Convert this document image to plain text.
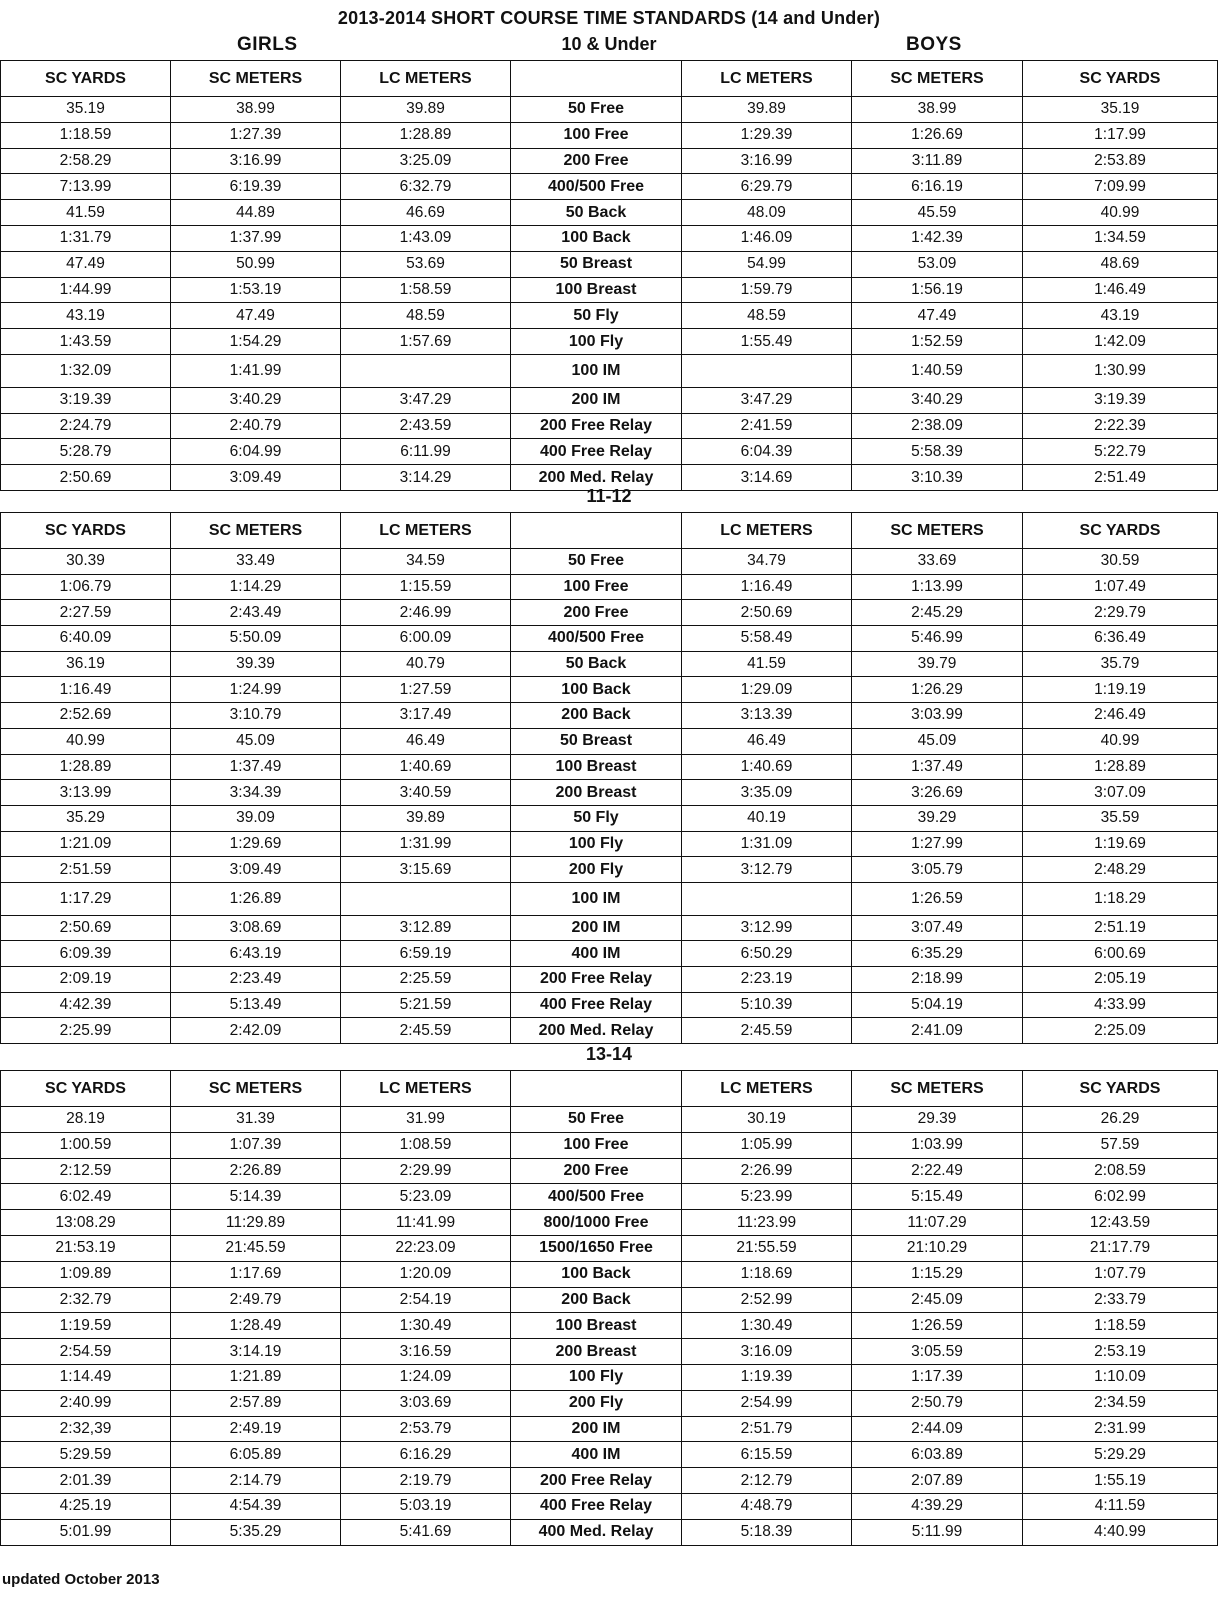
2013-2014 SHORT COURSE TIME STANDARDS (14 and Under)
GIRLS	BOYS
10 & Under
SC YARDS	SC METERS	LC METERS		LC METERS	SC METERS	SC YARDS
35.19	38.99	39.89	50 Free	39.89	38.99	35.19
1:18.59	1:27.39	1:28.89	100 Free	1:29.39	1:26.69	1:17.99
2:58.29	3:16.99	3:25.09	200 Free	3:16.99	3:11.89	2:53.89
7:13.99	6:19.39	6:32.79	400/500 Free	6:29.79	6:16.19	7:09.99
41.59	44.89	46.69	50 Back	48.09	45.59	40.99
1:31.79	1:37.99	1:43.09	100 Back	1:46.09	1:42.39	1:34.59
47.49	50.99	53.69	50 Breast	54.99	53.09	48.69
1:44.99	1:53.19	1:58.59	100 Breast	1:59.79	1:56.19	1:46.49
43.19	47.49	48.59	50 Fly	48.59	47.49	43.19
1:43.59	1:54.29	1:57.69	100 Fly	1:55.49	1:52.59	1:42.09
1:32.09	1:41.99		100 IM		1:40.59	1:30.99
3:19.39	3:40.29	3:47.29	200 IM	3:47.29	3:40.29	3:19.39
2:24.79	2:40.79	2:43.59	200 Free Relay	2:41.59	2:38.09	2:22.39
5:28.79	6:04.99	6:11.99	400 Free Relay	6:04.39	5:58.39	5:22.79
2:50.69	3:09.49	3:14.29	200 Med. Relay	3:14.69	3:10.39	2:51.49
11-12
SC YARDS	SC METERS	LC METERS		LC METERS	SC METERS	SC YARDS
30.39	33.49	34.59	50 Free	34.79	33.69	30.59
1:06.79	1:14.29	1:15.59	100 Free	1:16.49	1:13.99	1:07.49
2:27.59	2:43.49	2:46.99	200 Free	2:50.69	2:45.29	2:29.79
6:40.09	5:50.09	6:00.09	400/500 Free	5:58.49	5:46.99	6:36.49
36.19	39.39	40.79	50 Back	41.59	39.79	35.79
1:16.49	1:24.99	1:27.59	100 Back	1:29.09	1:26.29	1:19.19
2:52.69	3:10.79	3:17.49	200 Back	3:13.39	3:03.99	2:46.49
40.99	45.09	46.49	50 Breast	46.49	45.09	40.99
1:28.89	1:37.49	1:40.69	100 Breast	1:40.69	1:37.49	1:28.89
3:13.99	3:34.39	3:40.59	200 Breast	3:35.09	3:26.69	3:07.09
35.29	39.09	39.89	50 Fly	40.19	39.29	35.59
1:21.09	1:29.69	1:31.99	100 Fly	1:31.09	1:27.99	1:19.69
2:51.59	3:09.49	3:15.69	200 Fly	3:12.79	3:05.79	2:48.29
1:17.29	1:26.89		100 IM		1:26.59	1:18.29
2:50.69	3:08.69	3:12.89	200 IM	3:12.99	3:07.49	2:51.19
6:09.39	6:43.19	6:59.19	400 IM	6:50.29	6:35.29	6:00.69
2:09.19	2:23.49	2:25.59	200 Free Relay	2:23.19	2:18.99	2:05.19
4:42.39	5:13.49	5:21.59	400 Free Relay	5:10.39	5:04.19	4:33.99
2:25.99	2:42.09	2:45.59	200 Med. Relay	2:45.59	2:41.09	2:25.09
13-14
SC YARDS	SC METERS	LC METERS		LC METERS	SC METERS	SC YARDS
28.19	31.39	31.99	50 Free	30.19	29.39	26.29
1:00.59	1:07.39	1:08.59	100 Free	1:05.99	1:03.99	57.59
2:12.59	2:26.89	2:29.99	200 Free	2:26.99	2:22.49	2:08.59
6:02.49	5:14.39	5:23.09	400/500 Free	5:23.99	5:15.49	6:02.99
13:08.29	11:29.89	11:41.99	800/1000 Free	11:23.99	11:07.29	12:43.59
21:53.19	21:45.59	22:23.09	1500/1650 Free	21:55.59	21:10.29	21:17.79
1:09.89	1:17.69	1:20.09	100 Back	1:18.69	1:15.29	1:07.79
2:32.79	2:49.79	2:54.19	200 Back	2:52.99	2:45.09	2:33.79
1:19.59	1:28.49	1:30.49	100 Breast	1:30.49	1:26.59	1:18.59
2:54.59	3:14.19	3:16.59	200 Breast	3:16.09	3:05.59	2:53.19
1:14.49	1:21.89	1:24.09	100 Fly	1:19.39	1:17.39	1:10.09
2:40.99	2:57.89	3:03.69	200 Fly	2:54.99	2:50.79	2:34.59
2:32,39	2:49.19	2:53.79	200 IM	2:51.79	2:44.09	2:31.99
5:29.59	6:05.89	6:16.29	400 IM	6:15.59	6:03.89	5:29.29
2:01.39	2:14.79	2:19.79	200 Free Relay	2:12.79	2:07.89	1:55.19
4:25.19	4:54.39	5:03.19	400 Free Relay	4:48.79	4:39.29	4:11.59
5:01.99	5:35.29	5:41.69	400 Med. Relay	5:18.39	5:11.99	4:40.99
updated October 2013
